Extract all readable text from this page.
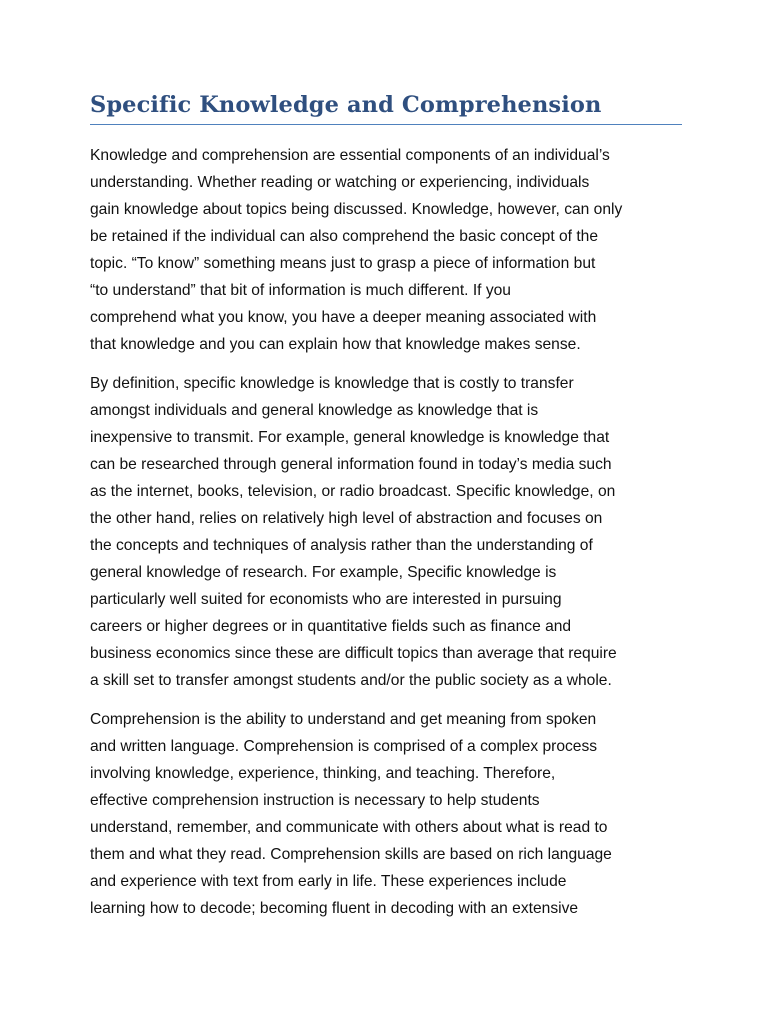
Specific Knowledge and Comprehension

Knowledge and comprehension are essential components of an individual’s
understanding. Whether reading or watching or experiencing, individuals
gain knowledge about topics being discussed. Knowledge, however, can only
be retained if the individual can also comprehend the basic concept of the
topic. “To know” something means just to grasp a piece of information but
“to understand” that bit of information is much different. If you
comprehend what you know, you have a deeper meaning associated with
that knowledge and you can explain how that knowledge makes sense.

By definition, specific knowledge is knowledge that is costly to transfer
amongst individuals and general knowledge as knowledge that is
inexpensive to transmit. For example, general knowledge is knowledge that
can be researched through general information found in today’s media such
as the internet, books, television, or radio broadcast. Specific knowledge, on
the other hand, relies on relatively high level of abstraction and focuses on
the concepts and techniques of analysis rather than the understanding of
general knowledge of research. For example, Specific knowledge is
particularly well suited for economists who are interested in pursuing
careers or higher degrees or in quantitative fields such as finance and
business economics since these are difficult topics than average that require
a skill set to transfer amongst students and/or the public society as a whole.

Comprehension is the ability to understand and get meaning from spoken
and written language. Comprehension is comprised of a complex process
involving knowledge, experience, thinking, and teaching. Therefore,
effective comprehension instruction is necessary to help students
understand, remember, and communicate with others about what is read to
them and what they read. Comprehension skills are based on rich language
and experience with text from early in life. These experiences include
learning how to decode; becoming fluent in decoding with an extensive
